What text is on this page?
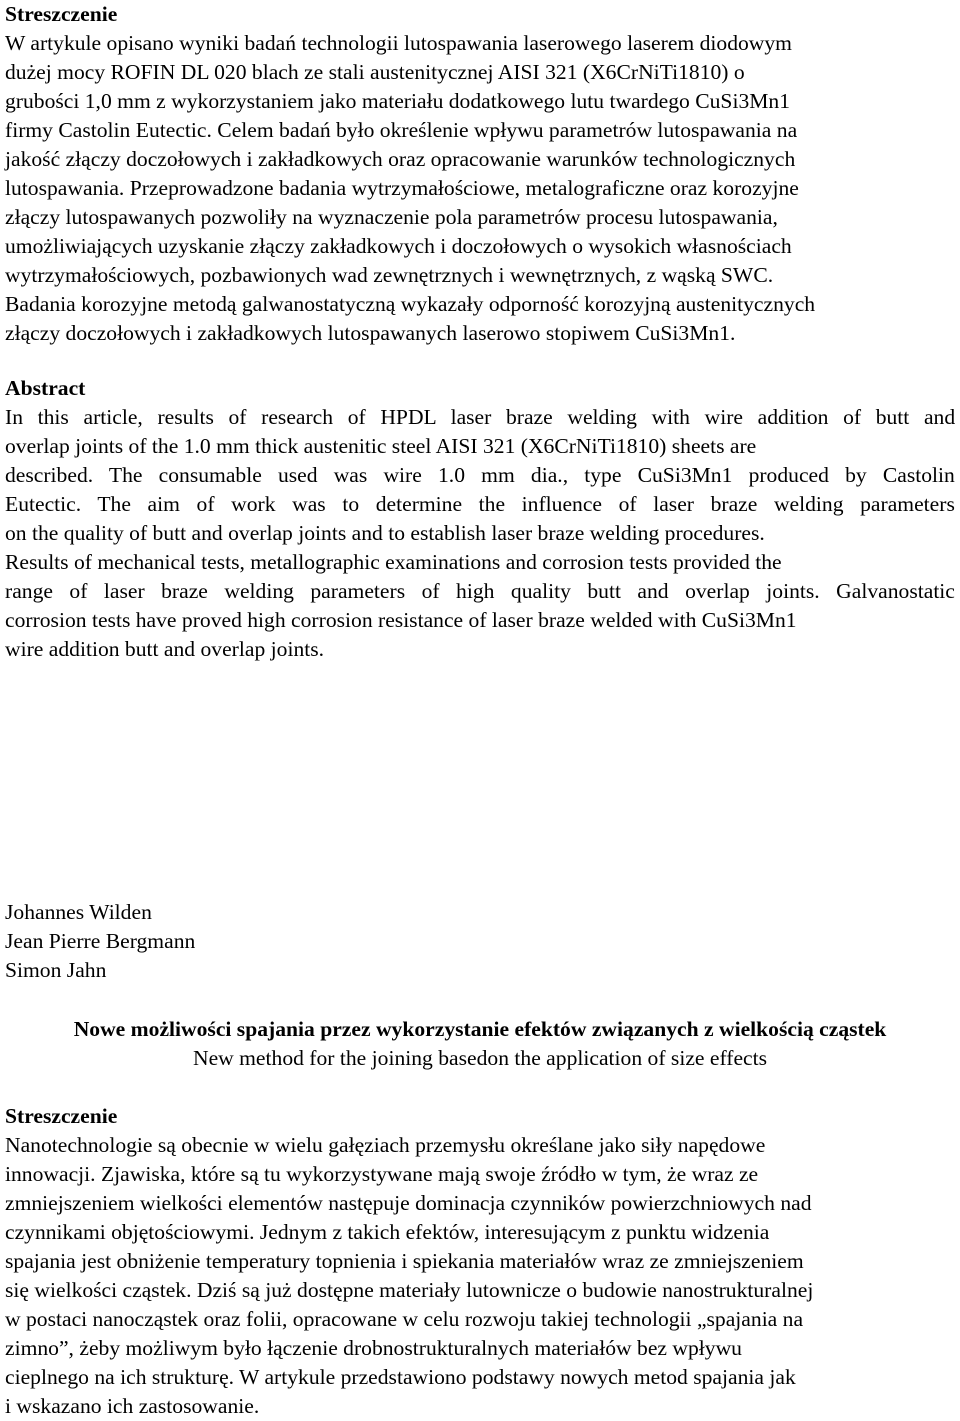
Streszczenie
W artykule opisano wyniki badań technologii lutospawania laserowego laserem diodowym
dużej mocy ROFIN DL 020 blach ze stali austenitycznej AISI 321 (X6CrNiTi1810) o
grubości 1,0 mm z wykorzystaniem jako materiału dodatkowego lutu twardego CuSi3Mn1
firmy Castolin Eutectic. Celem badań było określenie wpływu parametrów lutospawania na
jakość złączy doczołowych i zakładkowych oraz opracowanie warunków technologicznych
lutospawania. Przeprowadzone badania wytrzymałościowe, metalograficzne oraz korozyjne
złączy lutospawanych pozwoliły na wyznaczenie pola parametrów procesu lutospawania,
umożliwiających uzyskanie złączy zakładkowych i doczołowych o wysokich własnościach
wytrzymałościowych, pozbawionych wad zewnętrznych i wewnętrznych, z wąską SWC.
Badania korozyjne metodą galwanostatyczną wykazały odporność korozyjną austenitycznych
złączy doczołowych i zakładkowych lutospawanych laserowo stopiwem CuSi3Mn1.
Abstract
In this article, results of research of HPDL laser braze welding with wire addition of butt and
overlap joints of the 1.0 mm thick austenitic steel AISI 321 (X6CrNiTi1810) sheets are
described. The consumable used was wire 1.0 mm dia., type CuSi3Mn1 produced by Castolin
Eutectic. The aim of work was to determine the influence of laser braze welding parameters
on the quality of butt and overlap joints and to establish laser braze welding procedures.
Results of mechanical tests, metallographic examinations and corrosion tests provided the
range of laser braze welding parameters of high quality butt and overlap joints. Galvanostatic
corrosion tests have proved high corrosion resistance of laser braze welded with CuSi3Mn1
wire addition butt and overlap joints.
Johannes Wilden
Jean Pierre Bergmann
Simon Jahn
Nowe możliwości spajania przez wykorzystanie efektów związanych z wielkością cząstek
New method for the joining basedon the application of size effects
Streszczenie
Nanotechnologie są obecnie w wielu gałęziach przemysłu określane jako siły napędowe
innowacji. Zjawiska, które są tu wykorzystywane mają swoje źródło w tym, że wraz ze
zmniejszeniem wielkości elementów następuje dominacja czynników powierzchniowych nad
czynnikami objętościowymi. Jednym z takich efektów, interesującym z punktu widzenia
spajania jest obniżenie temperatury topnienia i spiekania materiałów wraz ze zmniejszeniem
się wielkości cząstek. Dziś są już dostępne materiały lutownicze o budowie nanostrukturalnej
w postaci nanocząstek oraz folii, opracowane w celu rozwoju takiej technologii „spajania na
zimno”, żeby możliwym było łączenie drobnostrukturalnych materiałów bez wpływu
cieplnego na ich strukturę. W artykule przedstawiono podstawy nowych metod spajania jak
i wskazano ich zastosowanie.
